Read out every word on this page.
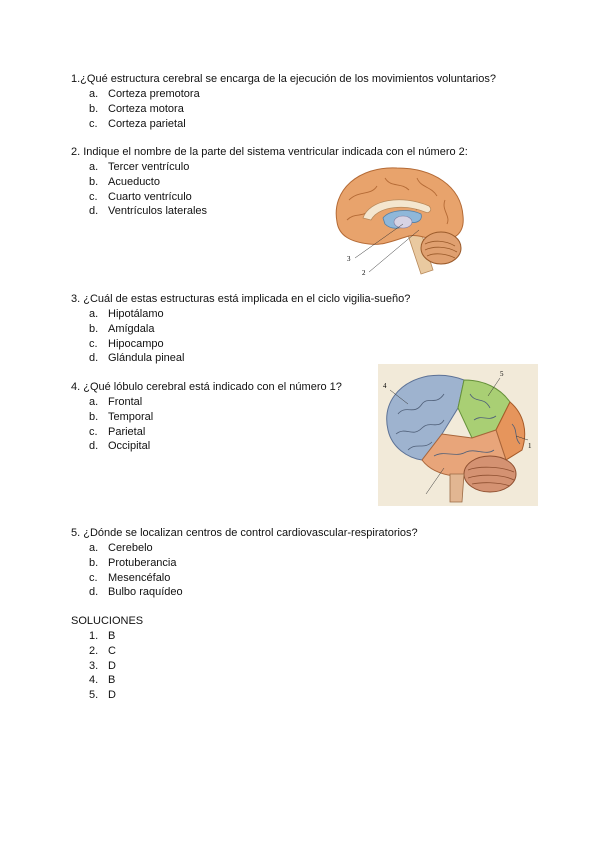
1.¿Qué estructura cerebral se encarga de la ejecución de los movimientos voluntarios?
a. Corteza premotora
b. Corteza motora
c. Corteza parietal
2. Indique el nombre de la parte del sistema ventricular indicada con el número 2:
a. Tercer ventrículo
b. Acueducto
c. Cuarto ventrículo
d. Ventrículos laterales
3
2
3. ¿Cuál de estas estructuras está implicada en el ciclo vigilia-sueño?
a. Hipotálamo
b. Amígdala
c. Hipocampo
d. Glándula pineal
4. ¿Qué lóbulo cerebral está indicado con el número 1?
a. Frontal
b. Temporal
c. Parietal
d. Occipital
4
5
1
5. ¿Dónde se localizan centros de control cardiovascular-respiratorios?
a. Cerebelo
b. Protuberancia
c. Mesencéfalo
d. Bulbo raquídeo
SOLUCIONES
1. B
2. C
3. D
4. B
5. D
